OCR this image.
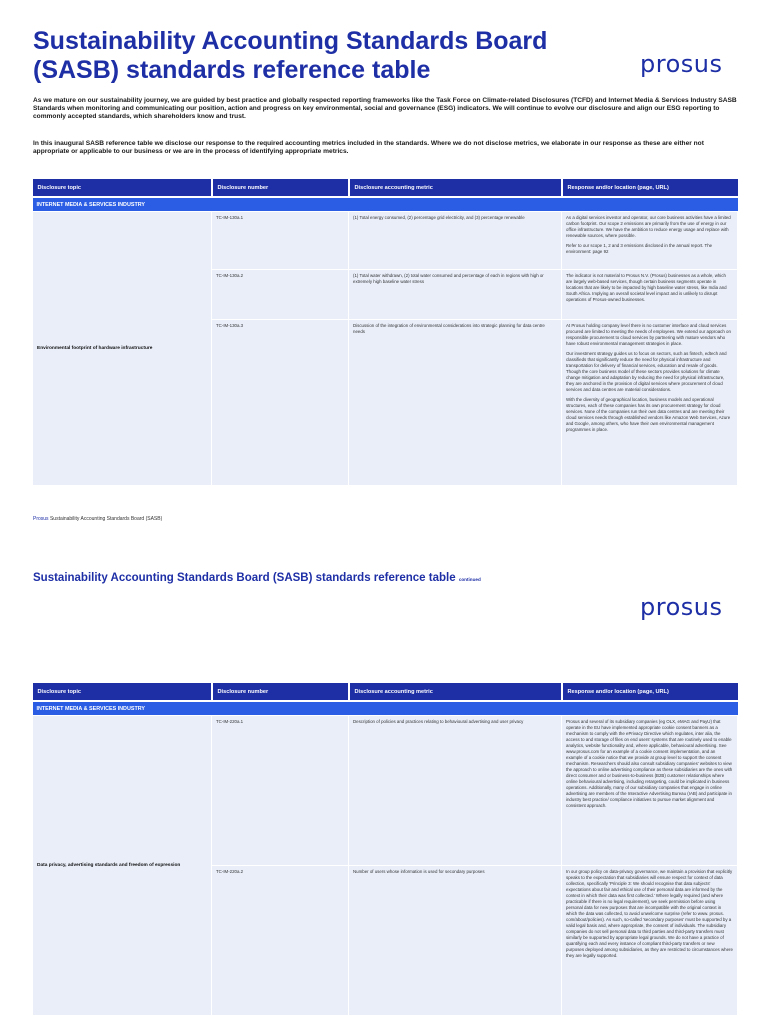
Sustainability Accounting Standards Board (SASB) standards reference table	prosus

As we mature on our sustainability journey, we are guided by best practice and globally respected reporting frameworks like the Task Force on Climate-related Disclosures (TCFD) and Internet Media & Services Industry SASB Standards when monitoring and communicating our position, action and progress on key environmental, social and governance (ESG) indicators. We will continue to evolve our disclosure and align our ESG reporting to commonly accepted standards, which shareholders know and trust.

In this inaugural SASB reference table we disclose our response to the required accounting metrics included in the standards. Where we do not disclose metrics, we elaborate in our response as these are either not appropriate or applicable to our business or we are in the process of identifying appropriate metrics.

Disclosure topic	Disclosure number	Disclosure accounting metric	Response and/or location (page, URL)
INTERNET MEDIA & SERVICES INDUSTRY			
Environmental footprint of hardware infrastructure	TC-IM-130a.1	(1) Total energy consumed, (2) percentage grid electricity, and (3) percentage renewable	As a digital services investor and operator, our core business activities have a limited carbon footprint. Our scope 2 emissions are primarily from the use of energy in our office infrastructure. We have the ambition to reduce energy usage and replace with renewable sources, where possible.

Refer to our scope 1, 2 and 3 emissions disclosed in the annual report. The environment: page 92

	TC-IM-130a.2	(1) Total water withdrawn, (2) total water consumed and percentage of each in regions with high or extremely high baseline water stress	The indicator is not material to Prosus N.V. (Prosus) businesses as a whole, which are largely web-based services, though certain business segments operate in locations that are likely to be impacted by high baseline water stress, like India and South Africa. Implying an overall societal level impact and is unlikely to disrupt operations of Prosus-owned businesses.

	TC-IM-130a.3	Discussion of the integration of environmental considerations into strategic planning for data centre needs	At Prosus holding company level there is no customer interface and cloud services procured are limited to meeting the needs of employees. We extend our approach on responsible procurement to cloud services by partnering with mature vendors who have robust environmental management strategies in place.

Our investment strategy guides us to focus on sectors, such as fintech, edtech and classifieds that significantly reduce the need for physical infrastructure and transportation for delivery of financial services, education and resale of goods. Though the core business model of these sectors provides solutions for climate change mitigation and adaptation by reducing the need for physical infrastructure, they are anchored in the provision of digital services where procurement of cloud services and data centres are material considerations.

With the diversity of geographical location, business models and operational structures, each of these companies has its own procurement strategy for cloud services. None of the companies run their own data centres and are meeting their cloud services needs through established vendors like Amazon Web Services, Azure and Google, among others, who have their own environmental management programmes in place.

Prosus Sustainability Accounting Standards Board (SASB)
Sustainability Accounting Standards Board (SASB) standards reference table continued
prosus
Disclosure topic	Disclosure number	Disclosure accounting metric	Response and/or location (page, URL)
INTERNET MEDIA & SERVICES INDUSTRY			
Data privacy, advertising standards and freedom of expression	TC-IM-220a.1	Description of policies and practices relating to behavioural advertising and user privacy	Prosus and several of its subsidiary companies (eg OLX, eMAG and PayU) that operate in the EU have implemented appropriate cookie consent banners as a mechanism to comply with the ePrivacy Directive which regulates, inter alia, the access to and storage of files on end users' systems that are routinely used to enable analytics, website functionality and, where applicable, behavioural advertising. See www.prosus.com for an example of a cookie consent implementation, and an example of a cookie notice that we provide at group level to support the consent mechanism. Researchers should also consult subsidiary companies' websites to view the approach to online advertising compliance as these subsidiaries are the ones with direct consumer and or business-to-business (B2B) customer relationships where online behavioural advertising, including retargeting, could be implicated in business operations. Additionally, many of our subsidiary companies that engage in online advertising are members of the Interactive Advertising Bureau (IAB) and participate in industry best practice/ compliance initiatives to pursue market alignment and consistent approach.

	TC-IM-220a.2	Number of users whose information is used for secondary purposes	In our group policy on data-privacy governance, we maintain a provision that explicitly speaks to the expectation that subsidiaries will ensure respect for context of data collection, specifically 'Principle 3: We should recognise that data subjects' expectations about fair and ethical use of their personal data are informed by the context in which their data was first collected.' Where legally required (and where practicable if there is no legal requirement), we seek permission before using personal data for new purposes that are incompatible with the original context in which the data was collected, to avoid unwelcome surprise (refer to www. prosus. com/about/policies). As such, so-called 'secondary purposes' must be supported by a valid legal basis and, where appropriate, the consent of individuals. The subsidiary companies do not sell personal data to third parties and third-party transfers must similarly be supported by appropriate legal grounds. We do not have a practice of quantifying each and every instance of compliant third-party transfers or new purposes deployed among subsidiaries, as they are restricted to circumstances where they are legally supported.
